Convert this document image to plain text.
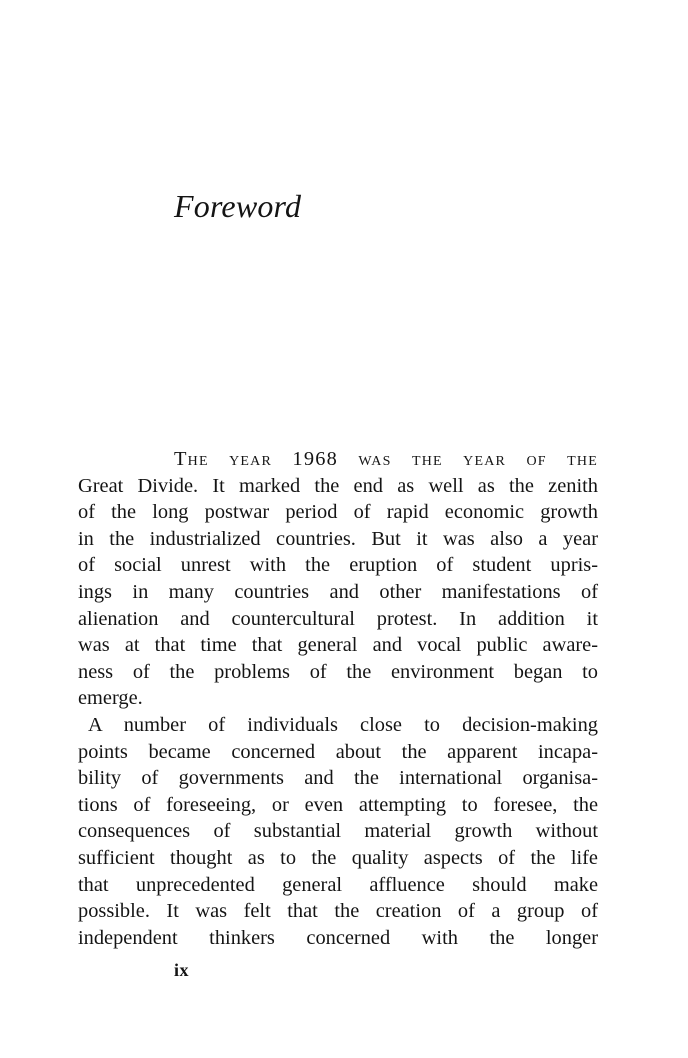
Foreword
The year 1968 was the year of the
Great Divide. It marked the end as well as the zenith
of the long postwar period of rapid economic growth
in the industrialized countries. But it was also a year
of social unrest with the eruption of student upris-
ings in many countries and other manifestations of
alienation and countercultural protest. In addition it
was at that time that general and vocal public aware-
ness of the problems of the environment began to
emerge.
A number of individuals close to decision-making
points became concerned about the apparent incapa-
bility of governments and the international organisa-
tions of foreseeing, or even attempting to foresee, the
consequences of substantial material growth without
sufficient thought as to the quality aspects of the life
that unprecedented general affluence should make
possible. It was felt that the creation of a group of
independent thinkers concerned with the longer

ix
